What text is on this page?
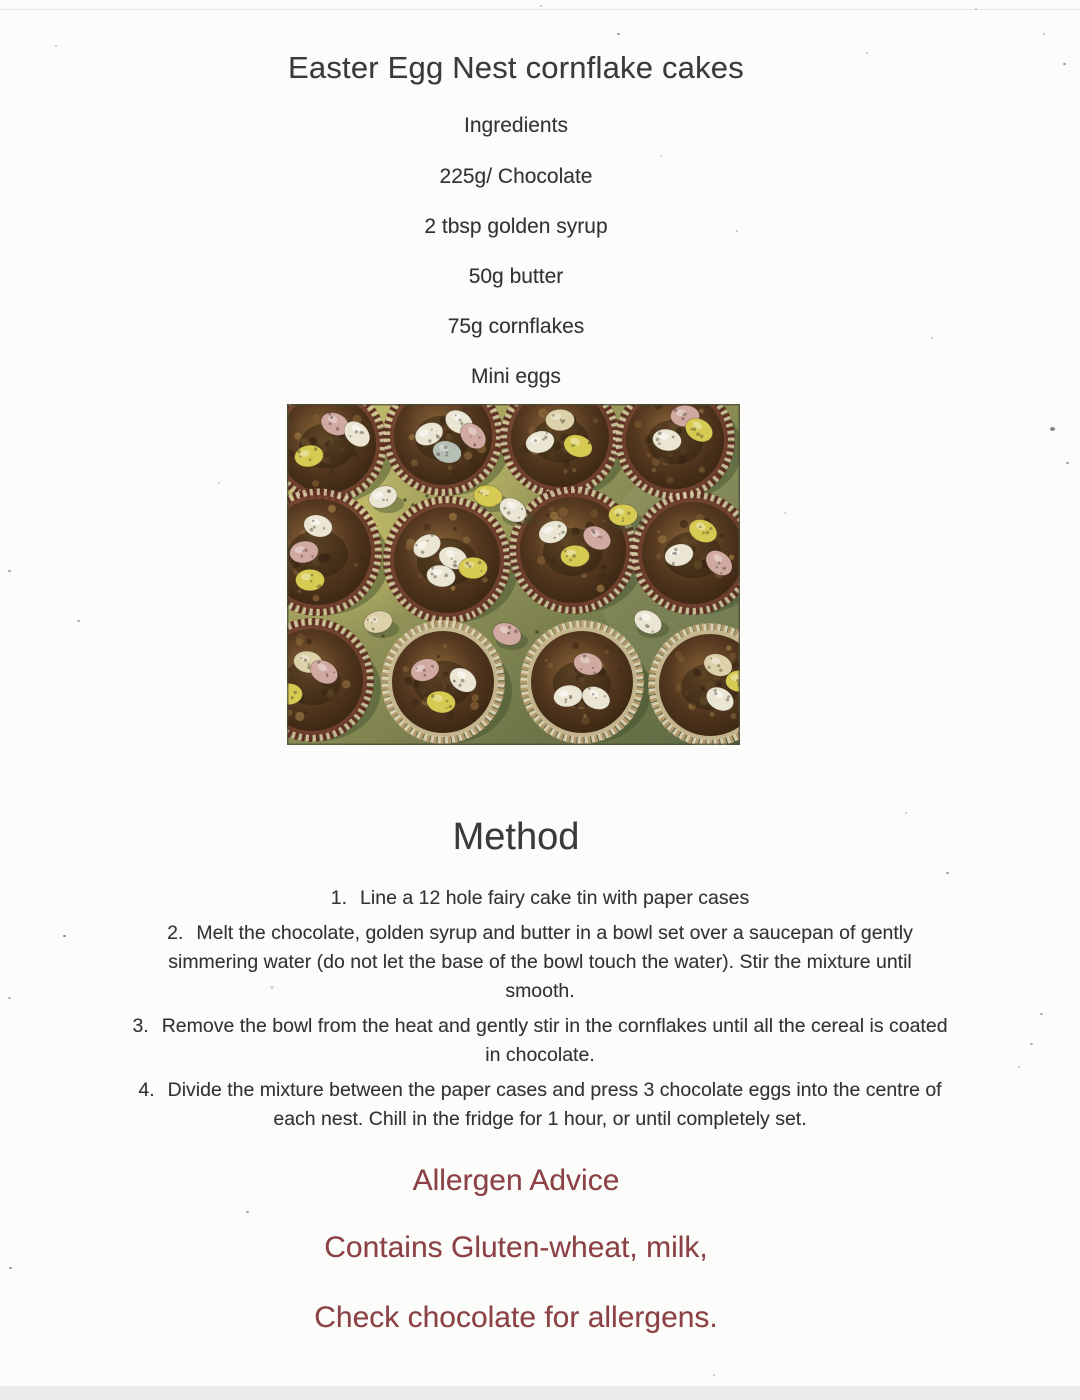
Easter Egg Nest cornflake cakes
Ingredients
225g/ Chocolate
2 tbsp golden syrup
50g butter
75g cornflakes
Mini eggs
Method
1. Line a 12 hole fairy cake tin with paper cases
2. Melt the chocolate, golden syrup and butter in a bowl set over a saucepan of gently
simmering water (do not let the base of the bowl touch the water). Stir the mixture until
smooth.
3. Remove the bowl from the heat and gently stir in the cornflakes until all the cereal is coated
in chocolate.
4. Divide the mixture between the paper cases and press 3 chocolate eggs into the centre of
each nest. Chill in the fridge for 1 hour, or until completely set.
Allergen Advice
Contains Gluten-wheat, milk,
Check chocolate for allergens.
